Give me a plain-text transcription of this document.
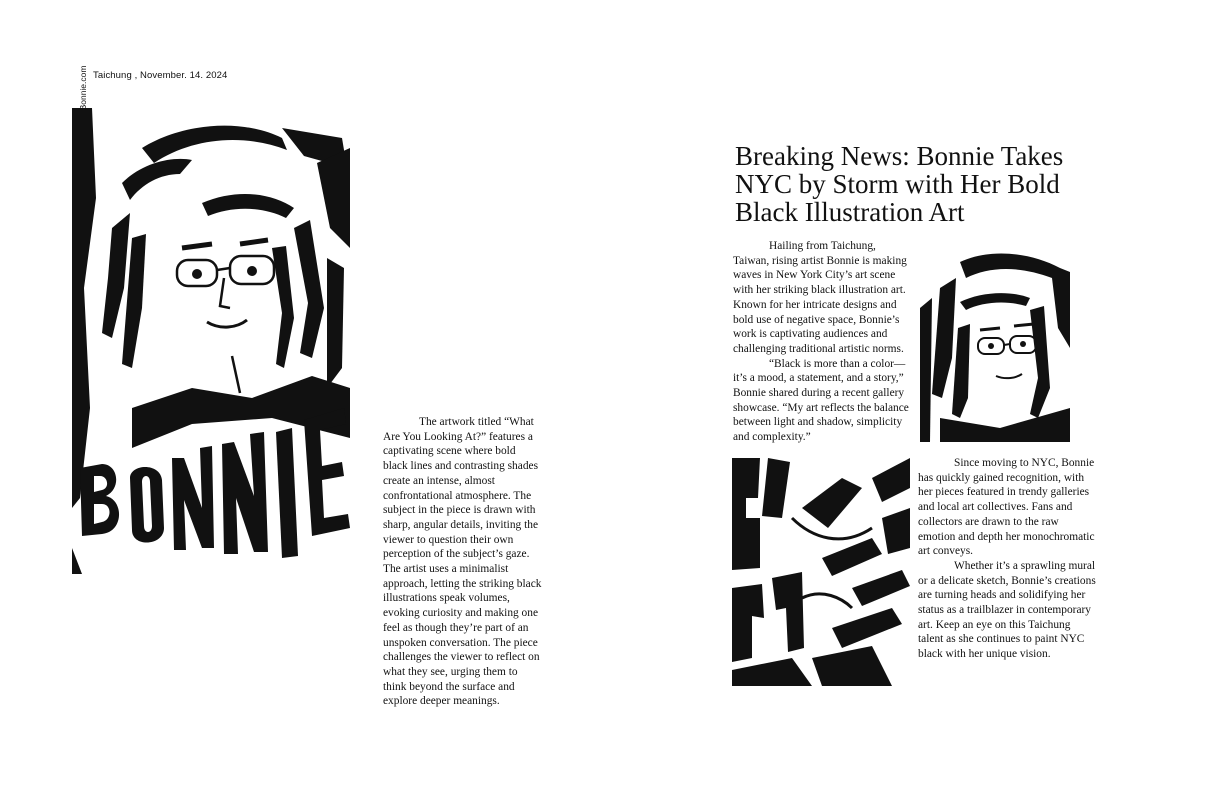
Taichung , November. 14. 2024

The artwork titled “What Are You Looking At?” features a captivating scene where bold black lines and contrasting shades create an intense, almost confrontational atmosphere. The subject in the piece is drawn with sharp, angular details, inviting the viewer to question their own perception of the subject’s gaze. The artist uses a minimalist approach, letting the striking black illustrations speak volumes, evoking curiosity and making one feel as though they’re part of an unspoken conversation. The piece challenges the viewer to reflect on what they see, urging them to think beyond the surface and explore deeper meanings.

Breaking News: Bonnie Takes NYC by Storm with Her Bold Black Illustration Art

Hailing from Taichung, Taiwan, rising artist Bonnie is making waves in New York City’s art scene with her striking black illustration art. Known for her intricate designs and bold use of negative space, Bonnie’s work is captivating audiences and challenging traditional artistic norms.

“Black is more than a color—it’s a mood, a statement, and a story,” Bonnie shared during a recent gallery showcase. “My art reflects the balance between light and shadow, simplicity and complexity.”

Since moving to NYC, Bonnie has quickly gained recognition, with her pieces featured in trendy galleries and local art collectives. Fans and collectors are drawn to the raw emotion and depth her monochromatic art conveys.

Whether it’s a sprawling mural or a delicate sketch, Bonnie’s creations are turning heads and solidifying her status as a trailblazer in contemporary art. Keep an eye on this Taichung talent as she continues to paint NYC black with her unique vision.
